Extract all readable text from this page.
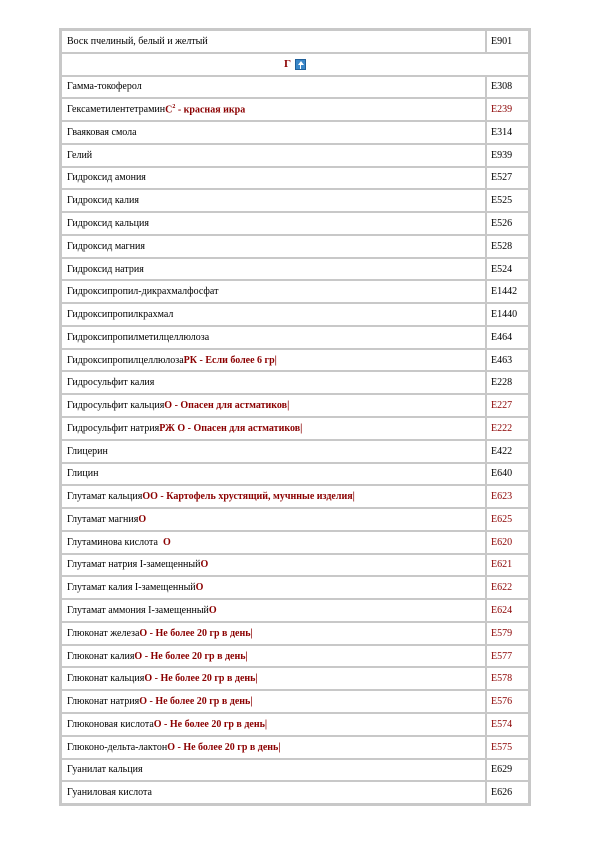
Воск пчелиный, белый и желтый	E901
Г
Гамма-токоферол	E308
Гексаметилентетрамин $С^2$ - красная икра	E239
Гваяковая смола	E314
Гелий	E939
Гидроксид амония	E527
Гидроксид калия	E525
Гидроксид кальция	E526
Гидроксид магния	E528
Гидроксид натрия	E524
Гидроксипропил-дикрахмалфосфат	E1442
Гидроксипропилкрахмал	E1440
Гидроксипропилметилцеллюлоза	E464
Гидроксипропилцеллюлоза РК - Если более 6 гр|	E463
Гидросульфит калия	E228
Гидросульфит кальция О - Опасен для астматиков|	E227
Гидросульфит натрия РЖ О - Опасен для астматиков|	E222
Глицерин	E422
Глицин	E640
Глутамат кальция ОО - Картофель хрустящий, мучнные изделия|	E623
Глутамат магния О	E625
Глутаминова кислота О	E620
Глутамат натрия I-замещенный О	E621
Глутамат калия I-замещенный О	E622
Глутамат аммония I-замещенный О	E624
Глюконат железа О - Не более 20 гр в день|	E579
Глюконат калия О - Не более 20 гр в день|	E577
Глюконат кальция О - Не более 20 гр в день|	E578
Глюконат натрия О - Не более 20 гр в день|	E576
Глюконовая кислота О - Не более 20 гр в день|	E574
Глюконо-дельта-лактон О - Не более 20 гр в день|	E575
Гуанилат кальция	E629
Гуаниловая кислота	E626
